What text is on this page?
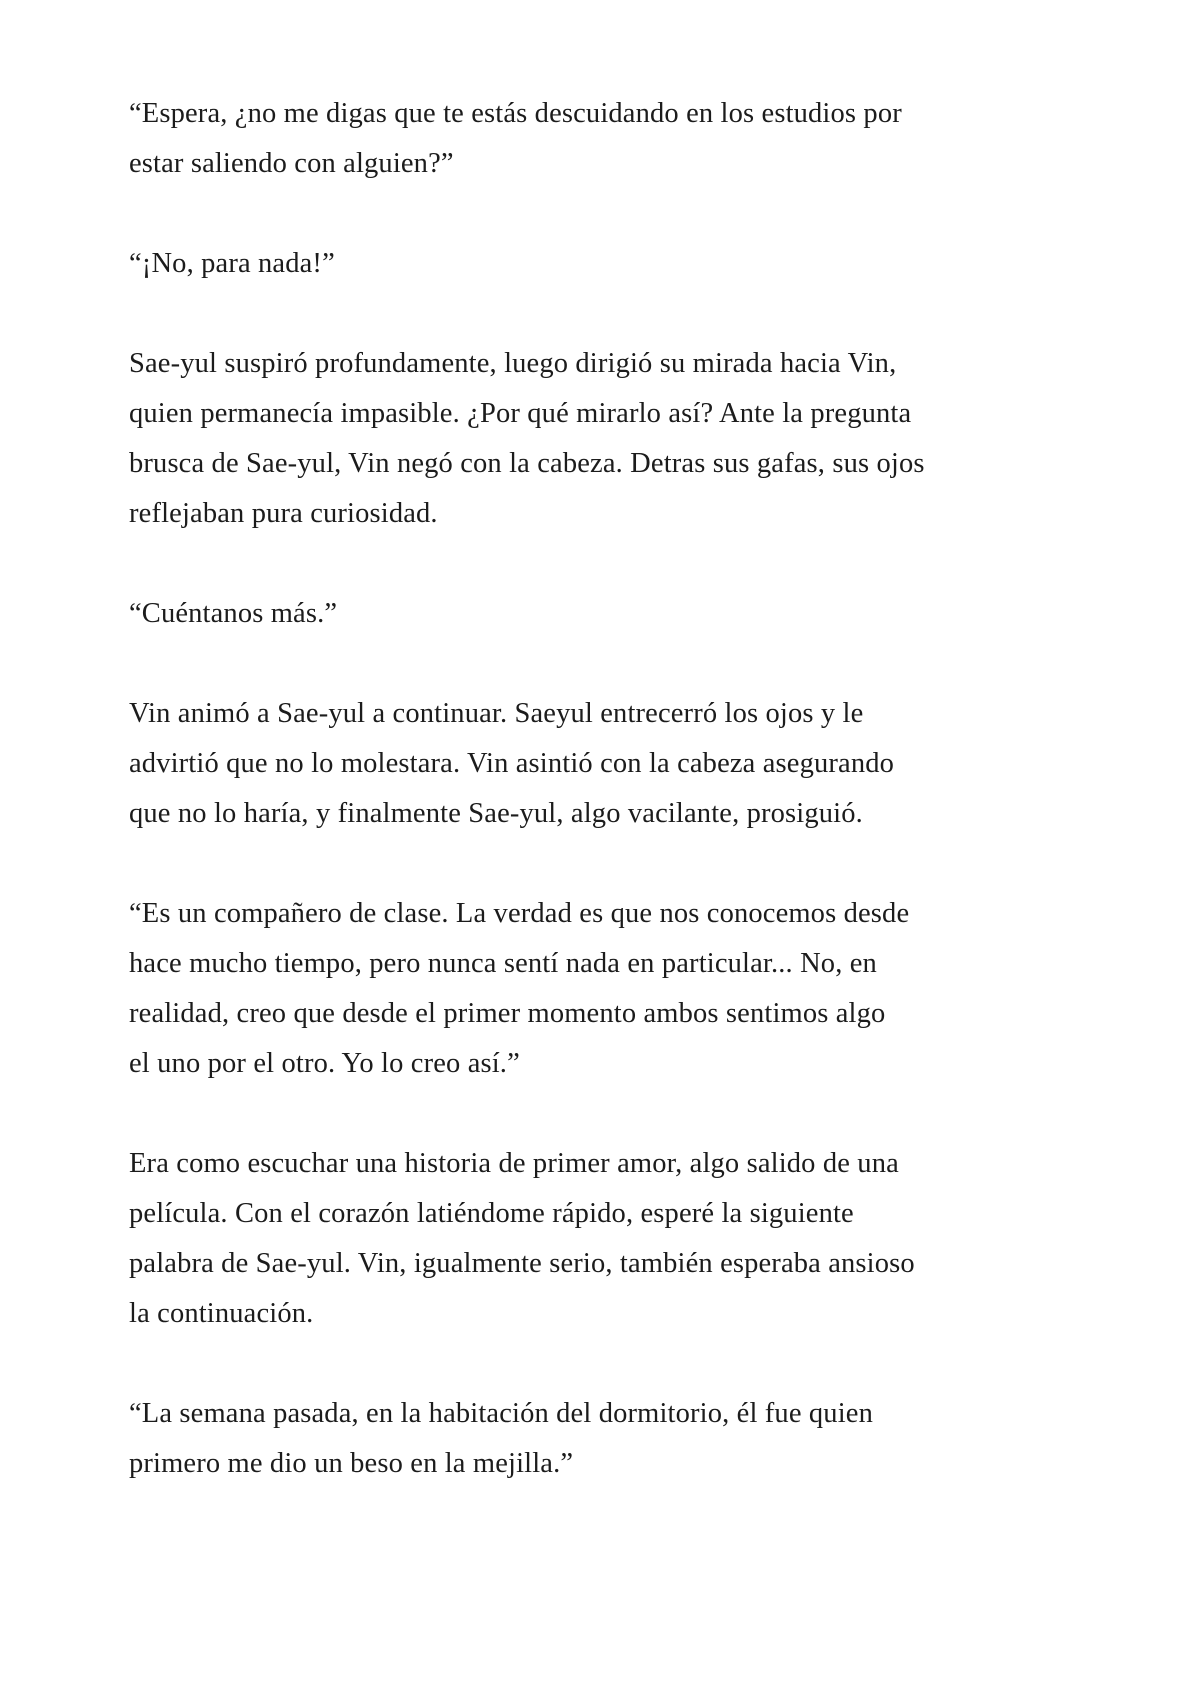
“Espera, ¿no me digas que te estás descuidando en los estudios por
estar saliendo con alguien?”

“¡No, para nada!”

Sae-yul suspiró profundamente, luego dirigió su mirada hacia Vin,
quien permanecía impasible. ¿Por qué mirarlo así? Ante la pregunta
brusca de Sae-yul, Vin negó con la cabeza. Detras sus gafas, sus ojos
reflejaban pura curiosidad.

“Cuéntanos más.”

Vin animó a Sae-yul a continuar. Saeyul entrecerró los ojos y le
advirtió que no lo molestara. Vin asintió con la cabeza asegurando
que no lo haría, y finalmente Sae-yul, algo vacilante, prosiguió.

“Es un compañero de clase. La verdad es que nos conocemos desde
hace mucho tiempo, pero nunca sentí nada en particular... No, en
realidad, creo que desde el primer momento ambos sentimos algo
el uno por el otro. Yo lo creo así.”

Era como escuchar una historia de primer amor, algo salido de una
película. Con el corazón latiéndome rápido, esperé la siguiente
palabra de Sae-yul. Vin, igualmente serio, también esperaba ansioso
la continuación.

“La semana pasada, en la habitación del dormitorio, él fue quien
primero me dio un beso en la mejilla.”
